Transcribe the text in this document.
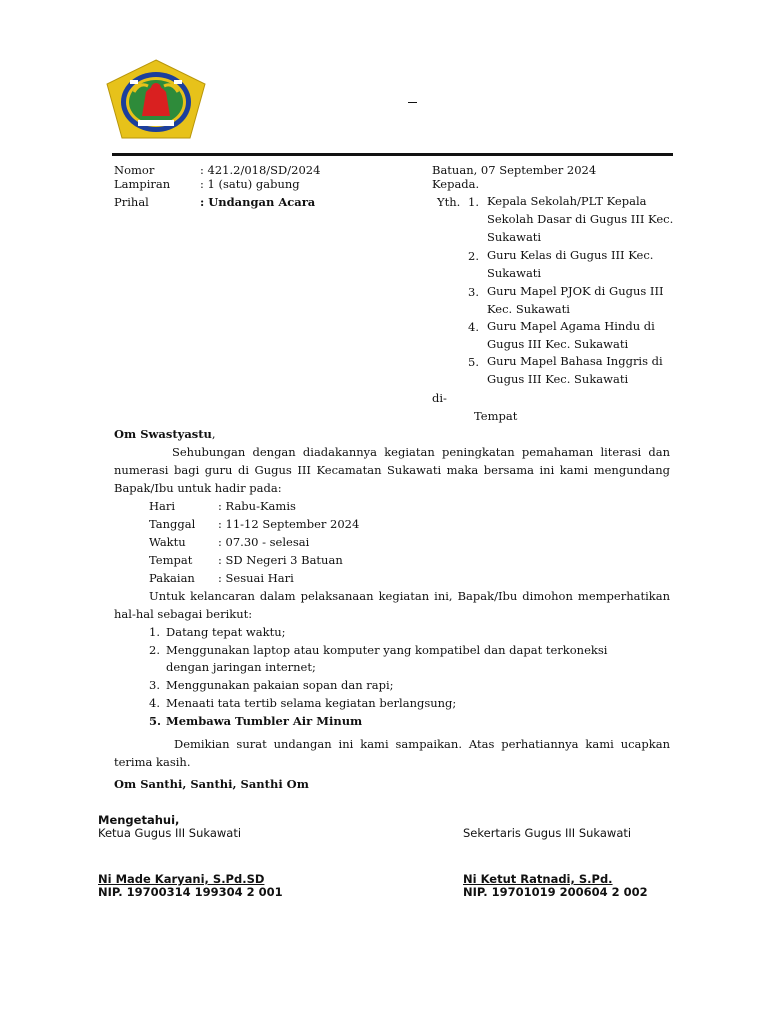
Nomor	: 421.2/018/SD/2024
Lampiran	: 1 (satu) gabung
Prihal	: Undangan Acara
Batuan, 07 September 2024
Kepada.
Yth. 1. Kepala Sekolah/PLT Kepala Sekolah Dasar di Gugus III Kec. Sukawati
2. Guru Kelas di Gugus III Kec. Sukawati
3. Guru Mapel PJOK di Gugus III Kec. Sukawati
4. Guru Mapel Agama Hindu di Gugus III Kec. Sukawati
5. Guru Mapel Bahasa Inggris di Gugus III Kec. Sukawati
di-
Tempat
Om Swastyastu,
Sehubungan dengan diadakannya kegiatan peningkatan pemahaman literasi dan numerasi bagi guru di Gugus III Kecamatan Sukawati maka bersama ini kami mengundang Bapak/Ibu untuk hadir pada:
Hari	: Rabu-Kamis
Tanggal : 11-12 September 2024
Waktu	: 07.30 - selesai
Tempat : SD Negeri 3 Batuan
Pakaian : Sesuai Hari
Untuk kelancaran dalam pelaksanaan kegiatan ini, Bapak/Ibu dimohon memperhatikan hal-hal sebagai berikut:
1. Datang tepat waktu;
2. Menggunakan laptop atau komputer yang kompatibel dan dapat terkoneksi
dengan jaringan internet;
3. Menggunakan pakaian sopan dan rapi;
4. Menaati tata tertib selama kegiatan berlangsung;
5. Membawa Tumbler Air Minum
Demikian surat undangan ini kami sampaikan. Atas perhatiannya kami ucapkan terima kasih.
Om Santhi, Santhi, Santhi Om
Mengetahui,
Ketua Gugus III Sukawati	Sekertaris Gugus III Sukawati
Ni Made Karyani, S.Pd.SD
NIP. 19700314 199304 2 001
Ni Ketut Ratnadi, S.Pd.
NIP. 19701019 200604 2 002
